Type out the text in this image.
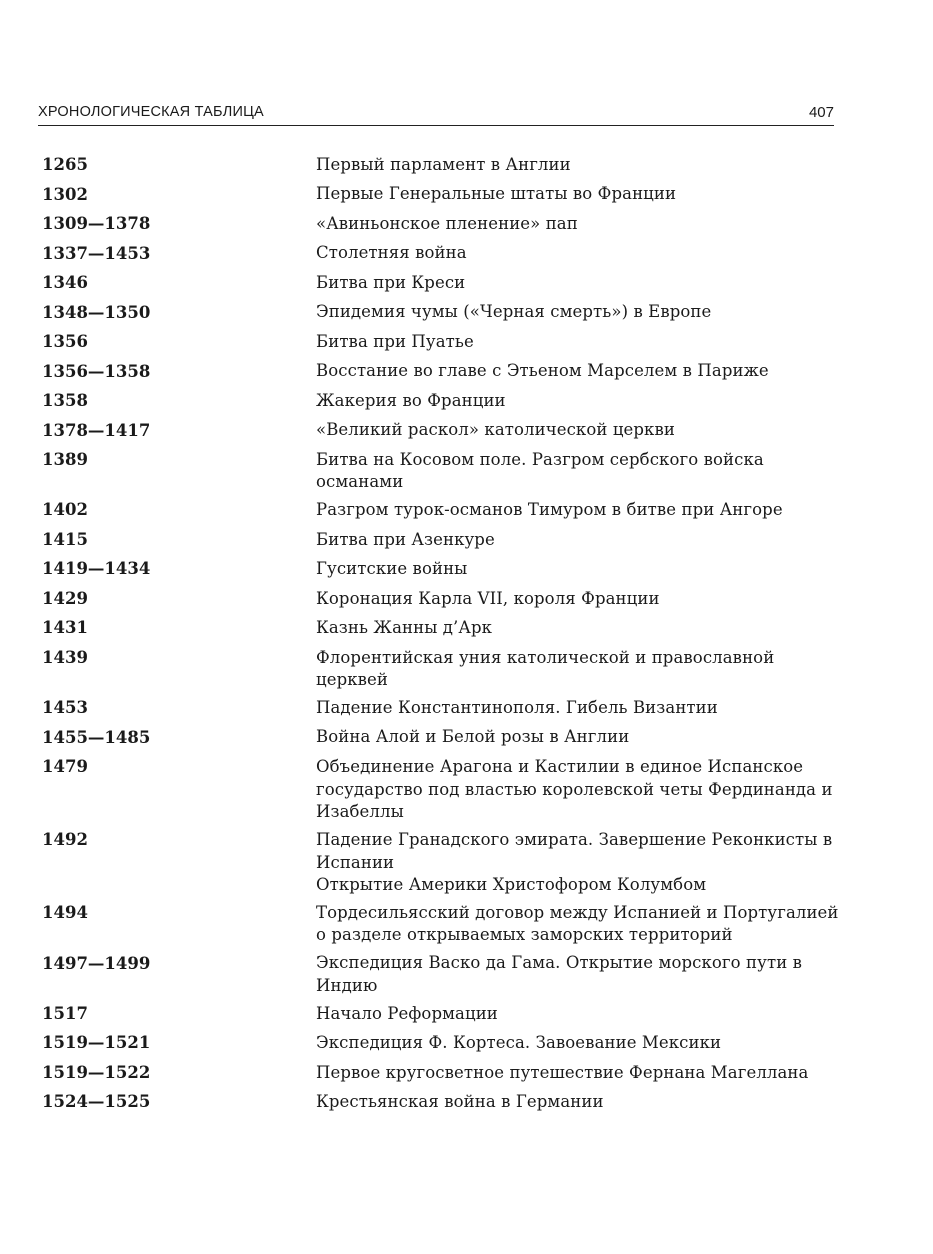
ХРОНОЛОГИЧЕСКАЯ ТАБЛИЦА	407
1265	Первый парламент в Англии
1302	Первые Генеральные штаты во Франции
1309—1378	«Авиньонское пленение» пап
1337—1453	Столетняя война
1346	Битва при Креси
1348—1350	Эпидемия чумы («Черная смерть») в Европе
1356	Битва при Пуатье
1356—1358	Восстание во главе с Этьеном Марселем в Париже
1358	Жакерия во Франции
1378—1417	«Великий раскол» католической церкви
1389	Битва на Косовом поле. Разгром сербского войска османами
1402	Разгром турок-османов Тимуром в битве при Ангоре
1415	Битва при Азенкуре
1419—1434	Гуситские войны
1429	Коронация Карла VII, короля Франции
1431	Казнь Жанны д’Арк
1439	Флорентийская уния католической и православной церквей
1453	Падение Константинополя. Гибель Византии
1455—1485	Война Алой и Белой розы в Англии
1479	Объединение Арагона и Кастилии в единое Испанское государство под властью королевской четы Фердинанда и Изабеллы
1492	Падение Гранадского эмирата. Завершение Реконкисты в Испании
Открытие Америки Христофором Колумбом
1494	Тордесильясский договор между Испанией и Португалией о разделе открываемых заморских территорий
1497—1499	Экспедиция Васко да Гама. Открытие морского пути в Индию
1517	Начало Реформации
1519—1521	Экспедиция Ф. Кортеса. Завоевание Мексики
1519—1522	Первое кругосветное путешествие Фернана Магеллана
1524—1525	Крестьянская война в Германии
